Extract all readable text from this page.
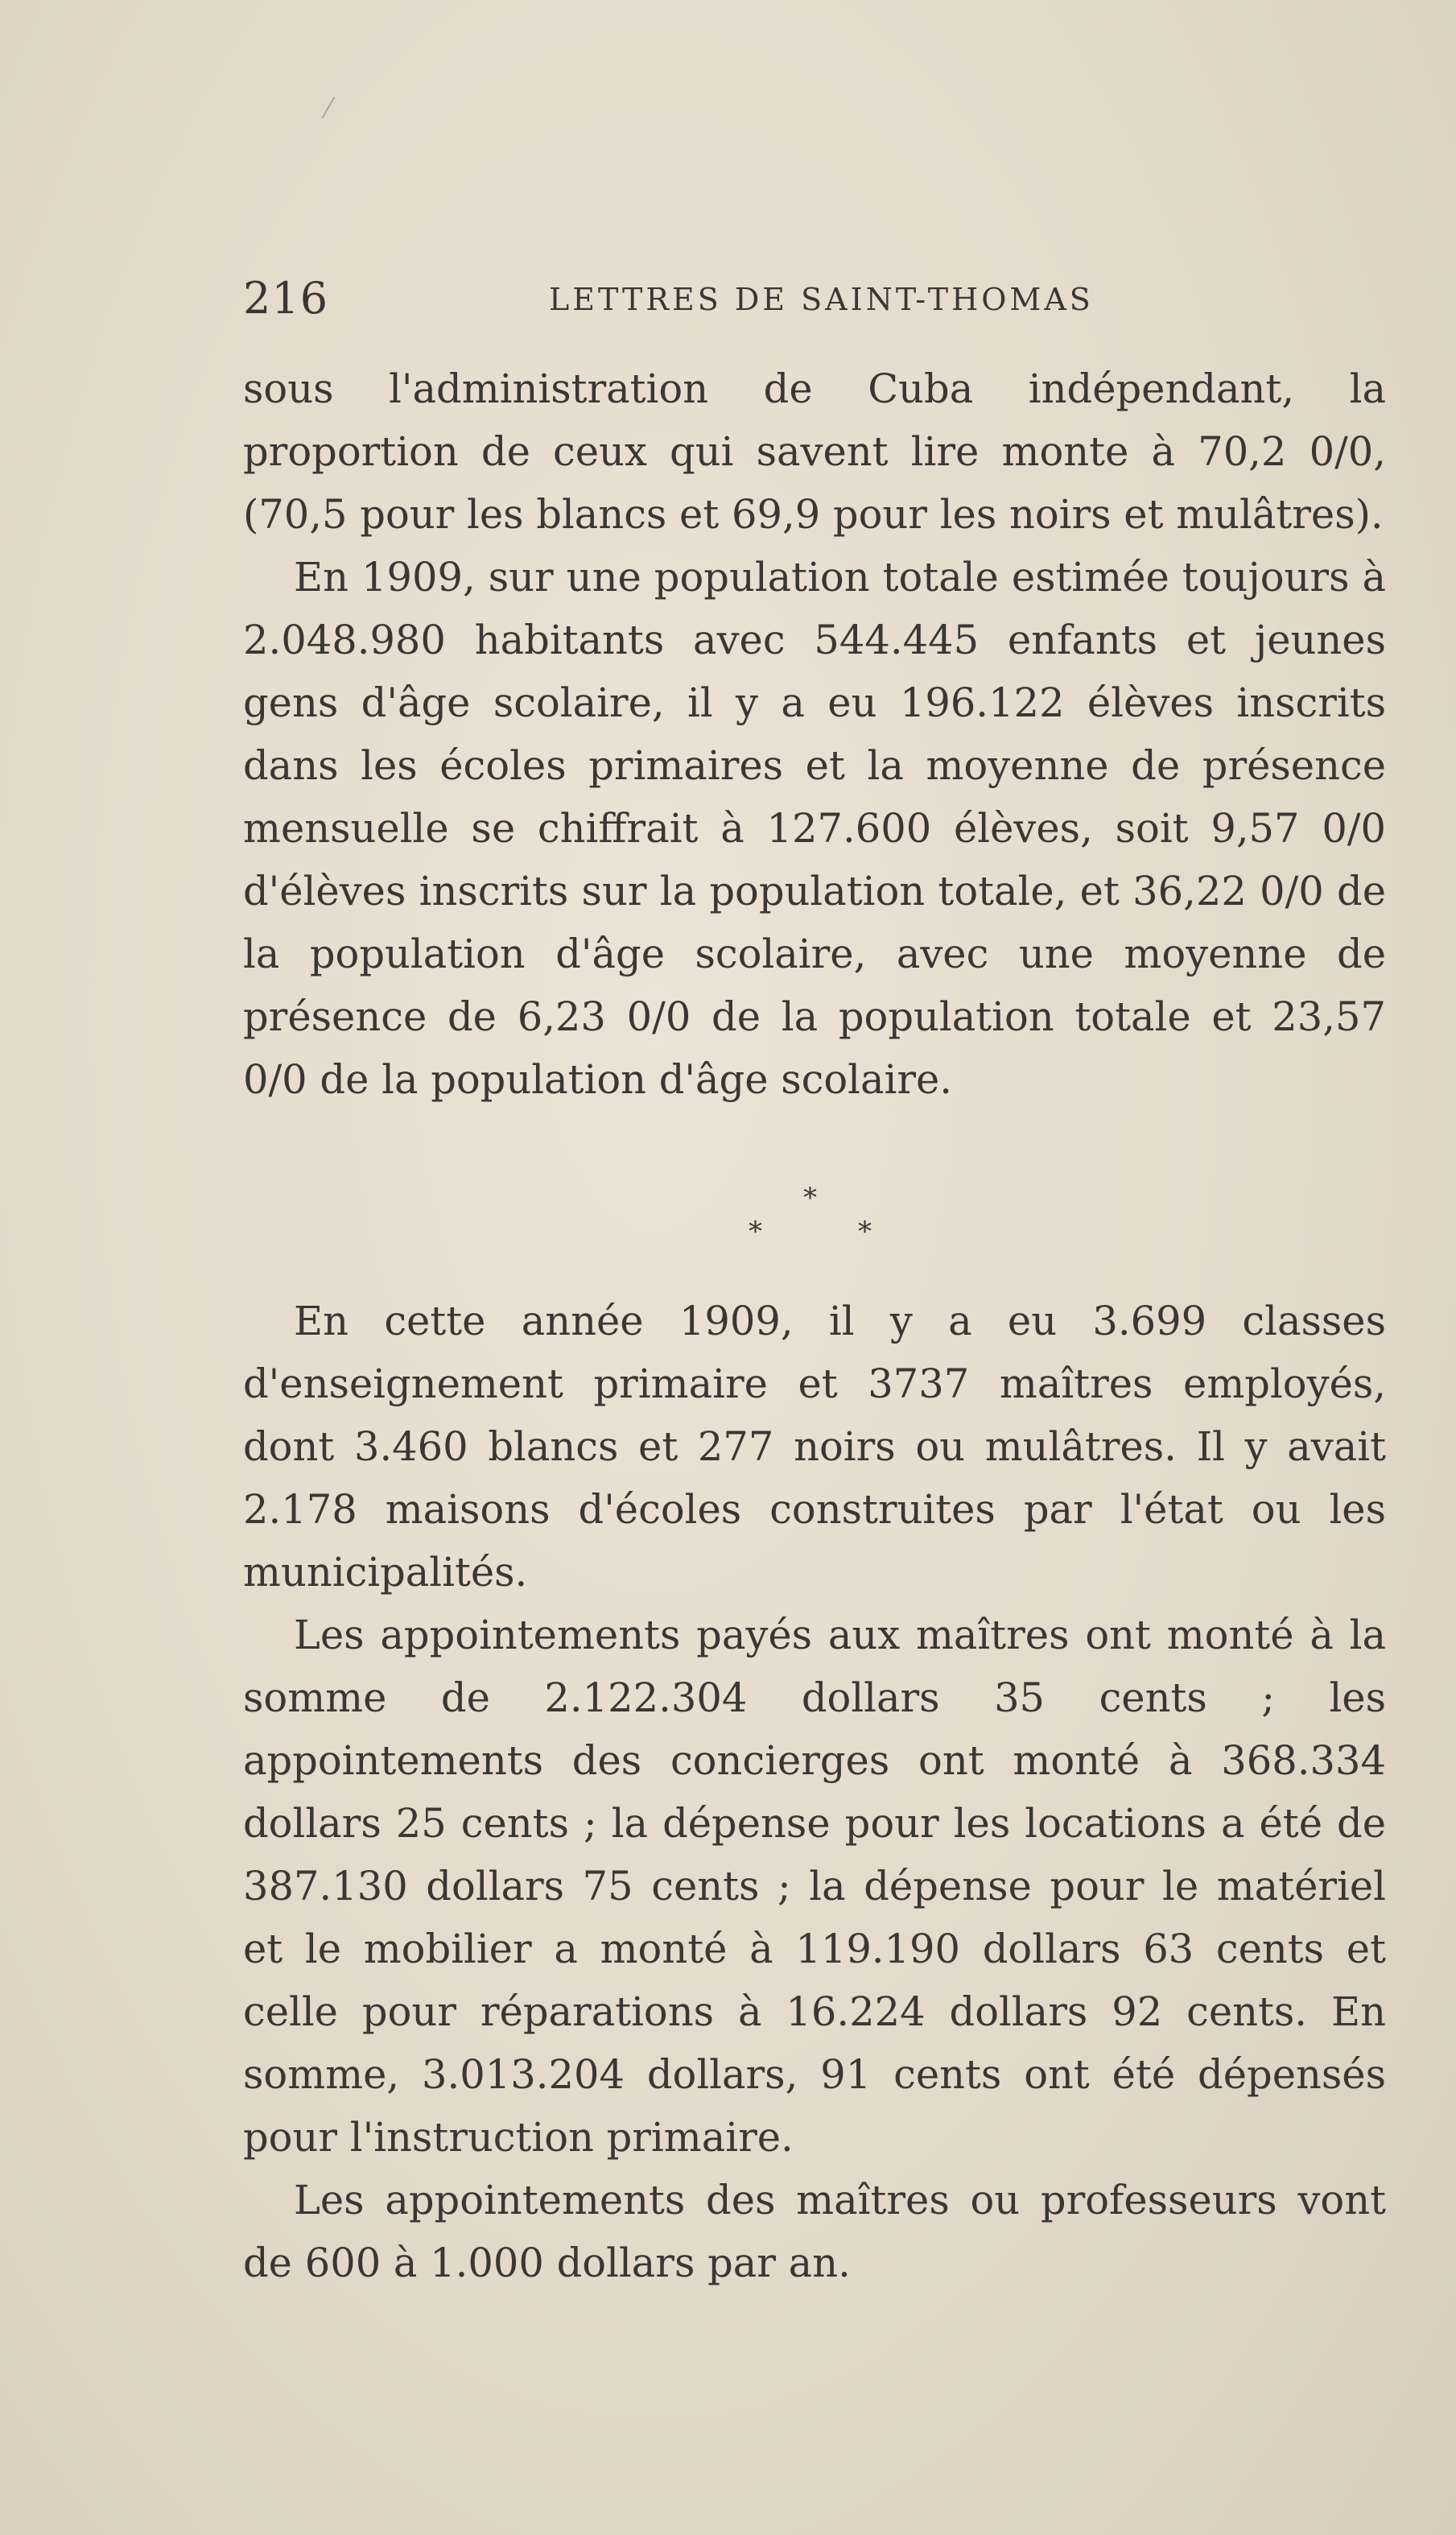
216	LETTRES DE SAINT-THOMAS

sous l'administration de Cuba indépendant, la proportion de ceux qui savent lire monte à 70,2 0/0, (70,5 pour les blancs et 69,9 pour les noirs et mulâtres).

En 1909, sur une population totale estimée toujours à 2.048.980 habitants avec 544.445 enfants et jeunes gens d'âge scolaire, il y a eu 196.122 élèves inscrits dans les écoles primaires et la moyenne de présence mensuelle se chiffrait à 127.600 élèves, soit 9,57 0/0 d'élèves inscrits sur la population totale, et 36,22 0/0 de la population d'âge scolaire, avec une moyenne de présence de 6,23 0/0 de la population totale et 23,57 0/0 de la population d'âge scolaire.

*
*	*

En cette année 1909, il y a eu 3.699 classes d'enseignement primaire et 3737 maîtres employés, dont 3.460 blancs et 277 noirs ou mulâtres. Il y avait 2.178 maisons d'écoles construites par l'état ou les municipalités.

Les appointements payés aux maîtres ont monté à la somme de 2.122.304 dollars 35 cents ; les appointements des concierges ont monté à 368.334 dollars 25 cents ; la dépense pour les locations a été de 387.130 dollars 75 cents ; la dépense pour le matériel et le mobilier a monté à 119.190 dollars 63 cents et celle pour réparations à 16.224 dollars 92 cents. En somme, 3.013.204 dollars, 91 cents ont été dépensés pour l'instruction primaire.

Les appointements des maîtres ou professeurs vont de 600 à 1.000 dollars par an.
